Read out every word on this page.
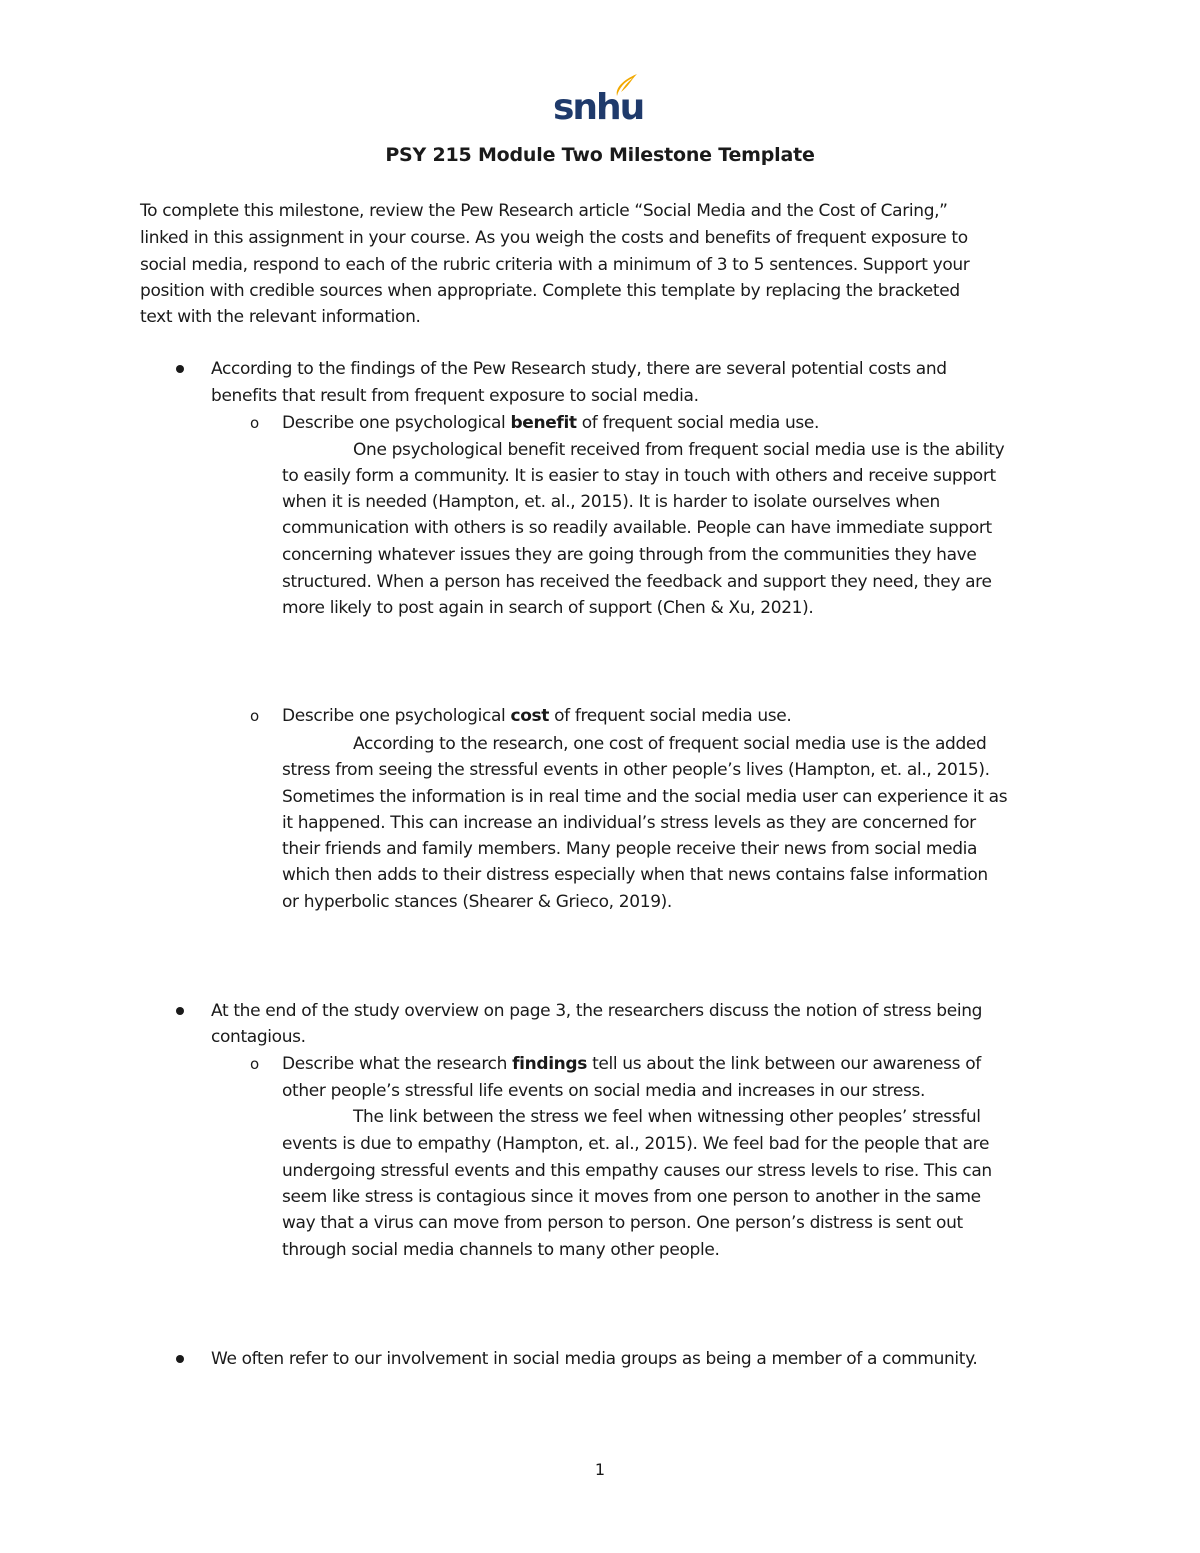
snhu
PSY 215 Module Two Milestone Template
To complete this milestone, review the Pew Research article “Social Media and the Cost of Caring,”
linked in this assignment in your course. As you weigh the costs and benefits of frequent exposure to
social media, respond to each of the rubric criteria with a minimum of 3 to 5 sentences. Support your
position with credible sources when appropriate. Complete this template by replacing the bracketed
text with the relevant information.
According to the findings of the Pew Research study, there are several potential costs and
benefits that result from frequent exposure to social media.
o Describe one psychological benefit of frequent social media use.
One psychological benefit received from frequent social media use is the ability
to easily form a community. It is easier to stay in touch with others and receive support
when it is needed (Hampton, et. al., 2015). It is harder to isolate ourselves when
communication with others is so readily available. People can have immediate support
concerning whatever issues they are going through from the communities they have
structured. When a person has received the feedback and support they need, they are
more likely to post again in search of support (Chen & Xu, 2021).
o Describe one psychological cost of frequent social media use.
According to the research, one cost of frequent social media use is the added
stress from seeing the stressful events in other people’s lives (Hampton, et. al., 2015).
Sometimes the information is in real time and the social media user can experience it as
it happened. This can increase an individual’s stress levels as they are concerned for
their friends and family members. Many people receive their news from social media
which then adds to their distress especially when that news contains false information
or hyperbolic stances (Shearer & Grieco, 2019).
At the end of the study overview on page 3, the researchers discuss the notion of stress being
contagious.
o Describe what the research findings tell us about the link between our awareness of
other people’s stressful life events on social media and increases in our stress.
The link between the stress we feel when witnessing other peoples’ stressful
events is due to empathy (Hampton, et. al., 2015). We feel bad for the people that are
undergoing stressful events and this empathy causes our stress levels to rise. This can
seem like stress is contagious since it moves from one person to another in the same
way that a virus can move from person to person. One person’s distress is sent out
through social media channels to many other people.
We often refer to our involvement in social media groups as being a member of a community.
1
